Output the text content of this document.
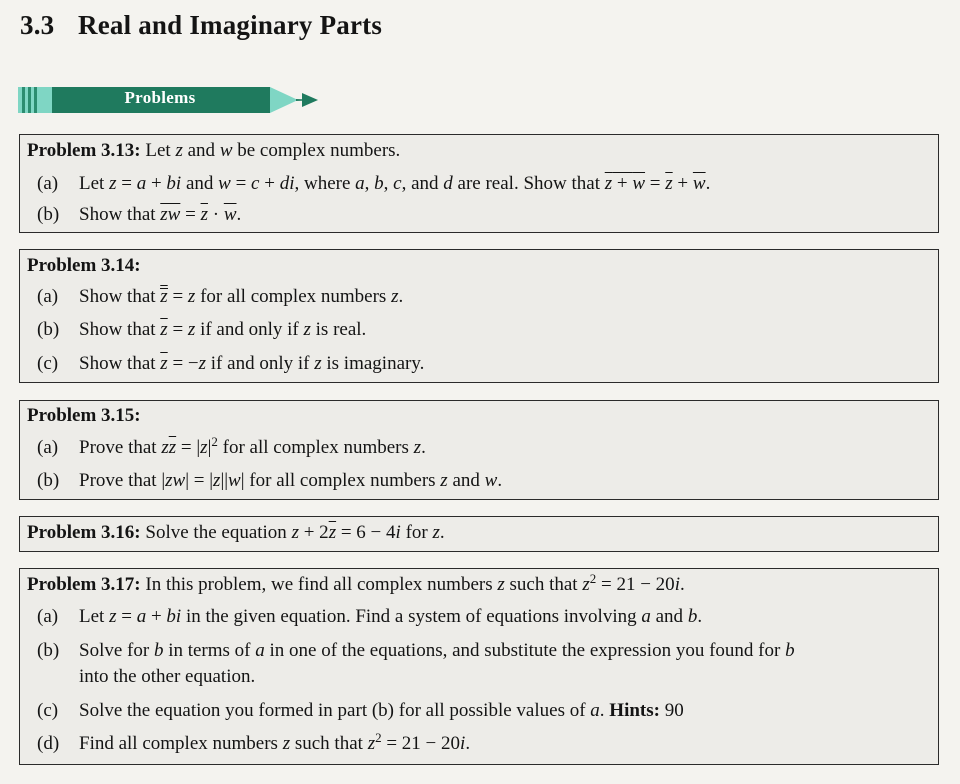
3.3 Real and Imaginary Parts
Problems
Problem 3.13: Let z and w be complex numbers.
(a) Let z = a + bi and w = c + di, where a, b, c, and d are real. Show that $z + w = \overline{z} + \overline{w}$.
(b) Show that $\overline{zw} = \overline{z} \cdot \overline{w}$.
Problem 3.14:
(a) Show that $\overline{z} = z$ for all complex numbers z.
(b) Show that $\overline{z} = z$ if and only if z is real.
(c) Show that $\overline{z} = -z$ if and only if z is imaginary.
Problem 3.15:
(a) Prove that $z\overline{z} = |z|^2$ for all complex numbers z.
(b) Prove that |zw| = |z||w| for all complex numbers z and w.
Problem 3.16: Solve the equation $z + 2\overline{z} = 6 - 4i$ for z.
Problem 3.17: In this problem, we find all complex numbers z such that $z^2 = 21 - 20i$.
(a) Let z = a + bi in the given equation. Find a system of equations involving a and b.
(b) Solve for b in terms of a in one of the equations, and substitute the expression you found for b
into the other equation.
(c) Solve the equation you formed in part (b) for all possible values of a. Hints: 90
(d) Find all complex numbers z such that $z^2 = 21 - 20i$.
